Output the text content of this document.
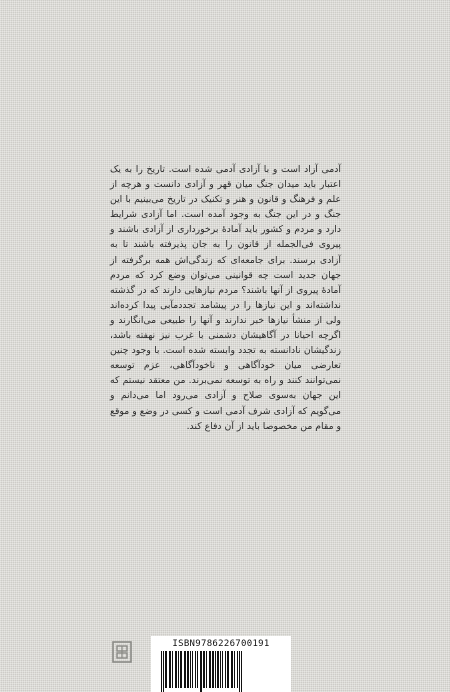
آدمی آزاد است و با آزادی آدمی شده است. تاریخ را به یک اعتبار باید میدان جنگ میان قهر و آزادی دانست و هرچه از علم و فرهنگ و قانون و هنر و تکنیک در تاریخ می‌بینیم با این جنگ و در این جنگ به وجود آمده است. اما آزادی شرایط دارد و مردم و کشور باید آمادهٔ برخورداری از آزادی باشند و پیروی فی‌الجمله از قانون را به جان پذیرفته باشند تا به آزادی برسند. برای جامعه‌ای که زندگی‌اش همه برگرفته از جهان جدید است چه قوانینی می‌توان وضع کرد که مردم آمادهٔ پیروی از آنها باشند؟ مردم نیازهایی دارند که در گذشته نداشته‌اند و این نیازها را در پیشامد تجددمآبی پیدا کرده‌اند ولی از منشأ نیازها خبر ندارند و آنها را طبیعی می‌انگارند و اگرچه احیانا در آگاهیشان دشمنی با غرب نیز نهفته باشد، زندگیشان نادانسته به تجدد وابسته شده است. با وجود چنین تعارضی میان خودآگاهی و ناخودآگاهی، عزم توسعه نمی‌توانند کنند و راه به توسعه نمی‌برند. من معتقد نیستم که این جهان به‌سوی صلاح و آزادی می‌رود اما می‌دانم و می‌گویم که آزادی شرف آدمی است و کسی در وضع و موقع و مقام من مخصوصا باید از آن دفاع کند.

ISBN9786226700191
